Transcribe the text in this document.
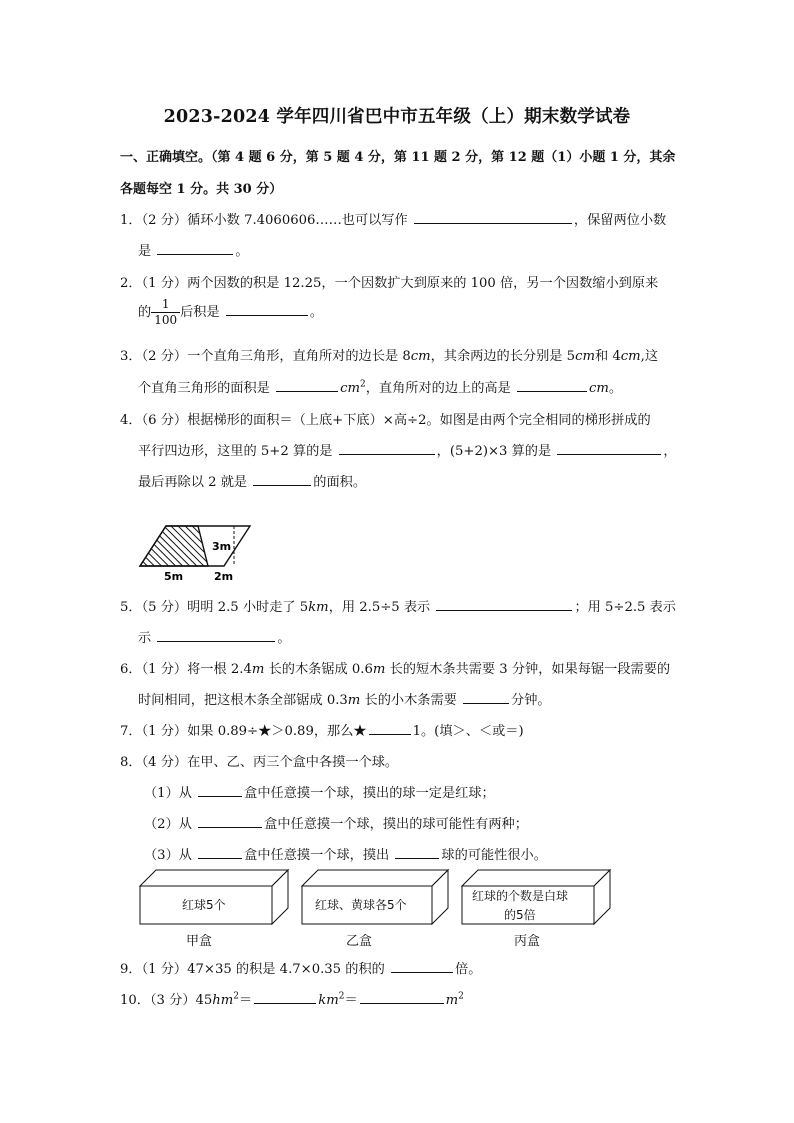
2023-2024 学年四川省巴中市五年级（上）期末数学试卷
一、正确填空。（第 4 题 6 分，第 5 题 4 分，第 11 题 2 分，第 12 题（1）小题 1 分，其余
各题每空 1 分。共 30 分）
1．（2 分）循环小数 7.4060606……也可以写作	，保留两位小数
是	。
2．（1 分）两个因数的积是 12.25，一个因数扩大到原来的 100 倍，另一个因数缩小到原来
的 $\frac{1}{100}$ 后积是	。
3．（2 分）一个直角三角形，直角所对的边长是 8cm，其余两边的长分别是 5cm和 4cm,这
个直角三角形的面积是	$cm^2$，直角所对的边上的高是	cm。
4．（6 分）根据梯形的面积＝（上底+下底）×高÷2。如图是由两个完全相同的梯形拼成的
平行四边形，这里的 5+2 算的是	，(5+2)×3 算的是	，
最后再除以 2 就是	的面积。
3m
5m	2m
5．（5 分）明明 2.5 小时走了 5km，用 2.5÷5 表示	；用 5÷2.5 表示
示	。
6．（1 分）将一根 2.4m 长的木条锯成 0.6m 长的短木条共需要 3 分钟，如果每锯一段需要的
时间相同，把这根木条全部锯成 0.3m 长的小木条需要	分钟。
7．（1 分）如果 0.89÷★＞0.89，那么★	1。(填＞、＜或＝)
8．（4 分）在甲、乙、丙三个盒中各摸一个球。
（1）从	盒中任意摸一个球，摸出的球一定是红球；
（2）从	盒中任意摸一个球，摸出的球可能性有两种；
（3）从	盒中任意摸一个球，摸出	球的可能性很小。
红球5个	红球、黄球各5个
红球的个数是白球
的5倍
甲盒	乙盒	丙盒
9．（1 分）47×35 的积是 4.7×0.35 的积的	倍。
10．（3 分）$45hm^2=$	$km^2=$	$m^2$
